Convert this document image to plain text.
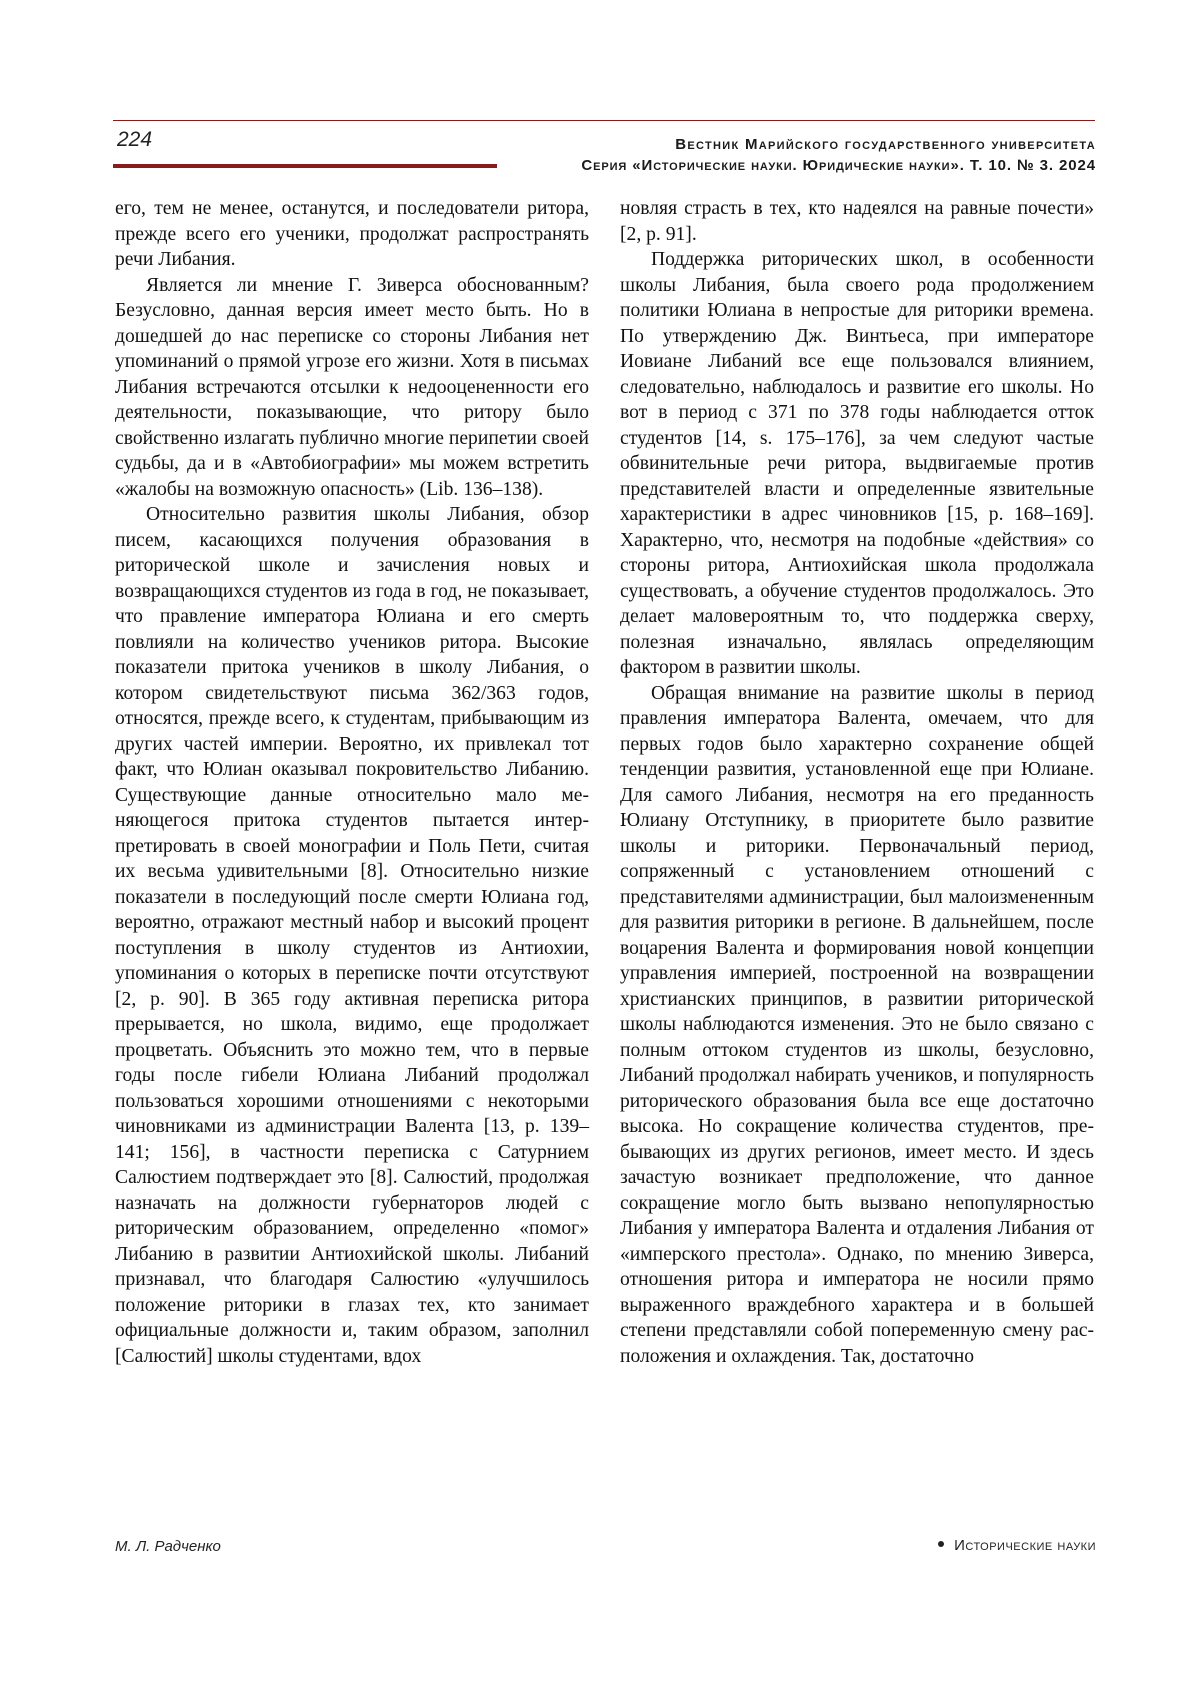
224	Вестник Марийского государственного университета
Серия «Исторические науки. Юридические науки». Т. 10. № 3. 2024

его, тем не менее, останутся, и последователи ритора, прежде всего его ученики, продолжат распространять речи Либания.

Является ли мнение Г. Зиверса обоснованным? Безусловно, данная версия имеет место быть. Но в дошедшей до нас переписке со стороны Либания нет упоминаний о прямой угрозе его жизни. Хотя в письмах Либания встречаются отсылки к недооцененности его деятельности, показывающие, что ритору было свойственно излагать публично многие перипетии своей судьбы, да и в «Автобиографии» мы можем встретить «жалобы на возможную опасность» (Lib. 136–138).

Относительно развития школы Либания, обзор писем, касающихся получения образования в риторической школе и зачисления новых и возвращающихся студентов из года в год, не показывает, что правление императора Юлиана и его смерть повлияли на количество учеников ритора. Высокие показатели притока учеников в школу Либания, о котором свидетельствуют письма 362/363 годов, относятся, прежде всего, к студентам, прибывающим из других частей империи. Вероятно, их привлекал тот факт, что Юлиан оказывал покровительство Либанию. Существующие данные относительно мало меняющегося притока студентов пытается интерпретировать в своей монографии и Поль Пети, считая их весьма удивительными [8]. Относительно низкие показатели в последующий после смерти Юлиана год, вероятно, отражают местный набор и высокий процент поступления в школу студентов из Антиохии, упоминания о которых в переписке почти отсутствуют [2, p. 90]. В 365 году активная переписка ритора прерывается, но школа, видимо, еще продолжает процветать. Объяснить это можно тем, что в первые годы после гибели Юлиана Либаний продолжал пользоваться хорошими отношениями с некоторыми чиновниками из администрации Валента [13, p. 139–141; 156], в частности переписка с Сатурнием Салюстием подтверждает это [8]. Салюстий, продолжая назначать на должности губернаторов людей с риторическим образованием, определенно «помог» Либанию в развитии Антиохийской школы. Либаний признавал, что благодаря Салюстию «улучшилось положение риторики в глазах тех, кто занимает официальные должности и, таким образом, заполнил [Салюстий] школы студентами, вдох

новляя страсть в тех, кто надеялся на равные почести» [2, p. 91].

Поддержка риторических школ, в особенности школы Либания, была своего рода продолжением политики Юлиана в непростые для риторики времена. По утверждению Дж. Винтьеса, при императоре Иовиане Либаний все еще пользовался влиянием, следовательно, наблюдалось и развитие его школы. Но вот в период с 371 по 378 годы наблюдается отток студентов [14, s. 175–176], за чем следуют частые обвинительные речи ритора, выдвигаемые против представителей власти и определенные язвительные характеристики в адрес чиновников [15, p. 168–169]. Характерно, что, несмотря на подобные «действия» со стороны ритора, Антиохийская школа продолжала существовать, а обучение студентов продолжалось. Это делает маловероятным то, что поддержка сверху, полезная изначально, являлась определяющим фактором в развитии школы.

Обращая внимание на развитие школы в период правления императора Валента, омечаем, что для первых годов было характерно сохранение общей тенденции развития, установленной еще при Юлиане. Для самого Либания, несмотря на его преданность Юлиану Отступнику, в приоритете было развитие школы и риторики. Первоначальный период, сопряженный с установлением отношений с представителями администрации, был малоизмененным для развития риторики в регионе. В дальнейшем, после воцарения Валента и формирования новой концепции управления империей, построенной на возвращении христианских принципов, в развитии риторической школы наблюдаются изменения. Это не было связано с полным оттоком студентов из школы, безусловно, Либаний продолжал набирать учеников, и популярность ритoрического образования была все еще достаточно высока. Но сокращение количества студентов, пребывающих из других регионов, имеет место. И здесь зачастую возникает предположение, что данное сокращение могло быть вызвано непопулярностью Либания у императора Валента и отдаления Либания от «имперского престола». Однако, по мнению Зиверса, отношения ритора и императора не носили прямо выраженного враждебного характера и в большей степени представляли собой попеременную смену расположения и охлаждения. Так, достаточно

М. Л. Радченко	Исторические науки
